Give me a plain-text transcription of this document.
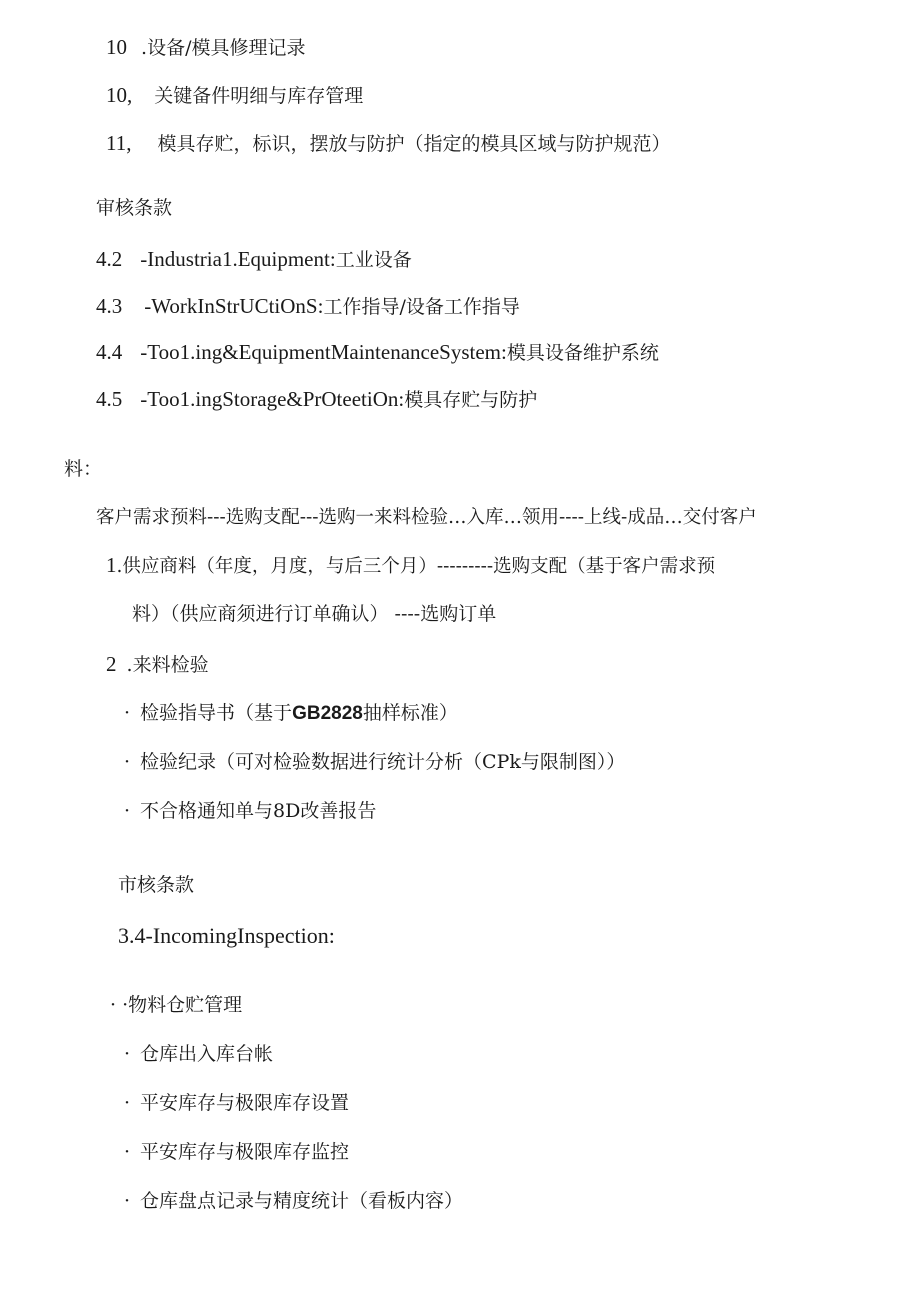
10 .设备/模具修理记录
10, 关键备件明细与库存管理
11, 模具存贮，标识，摆放与防护（指定的模具区域与防护规范）
审核条款
4.2 -Industria1.Equipment:工业设备
4.3 -WorkInStrUCtiOnS:工作指导/设备工作指导
4.4 -Too1.ing&EquipmentMaintenanceSystem:模具设备维护系统
4.5 -Too1.ingStorage&PrOteetiOn:模具存贮与防护
料：
客户需求预料---选购支配---选购一来料检验…入库…领用----上线-成品…交付客户
1.供应商料（年度，月度，与后三个月）---------选购支配（基于客户需求预
料）（供应商须进行订单确认） ----选购订单
2 .来料检验
· 检验指导书（基于GB2828抽样标准）
· 检验纪录（可对检验数据进行统计分析（CPk与限制图））
· 不合格通知单与8D改善报告
市核条款
3.4-IncomingInspection:
· ·物料仓贮管理
· 仓库出入库台帐
· 平安库存与极限库存设置
· 平安库存与极限库存监控
· 仓库盘点记录与精度统计（看板内容）
